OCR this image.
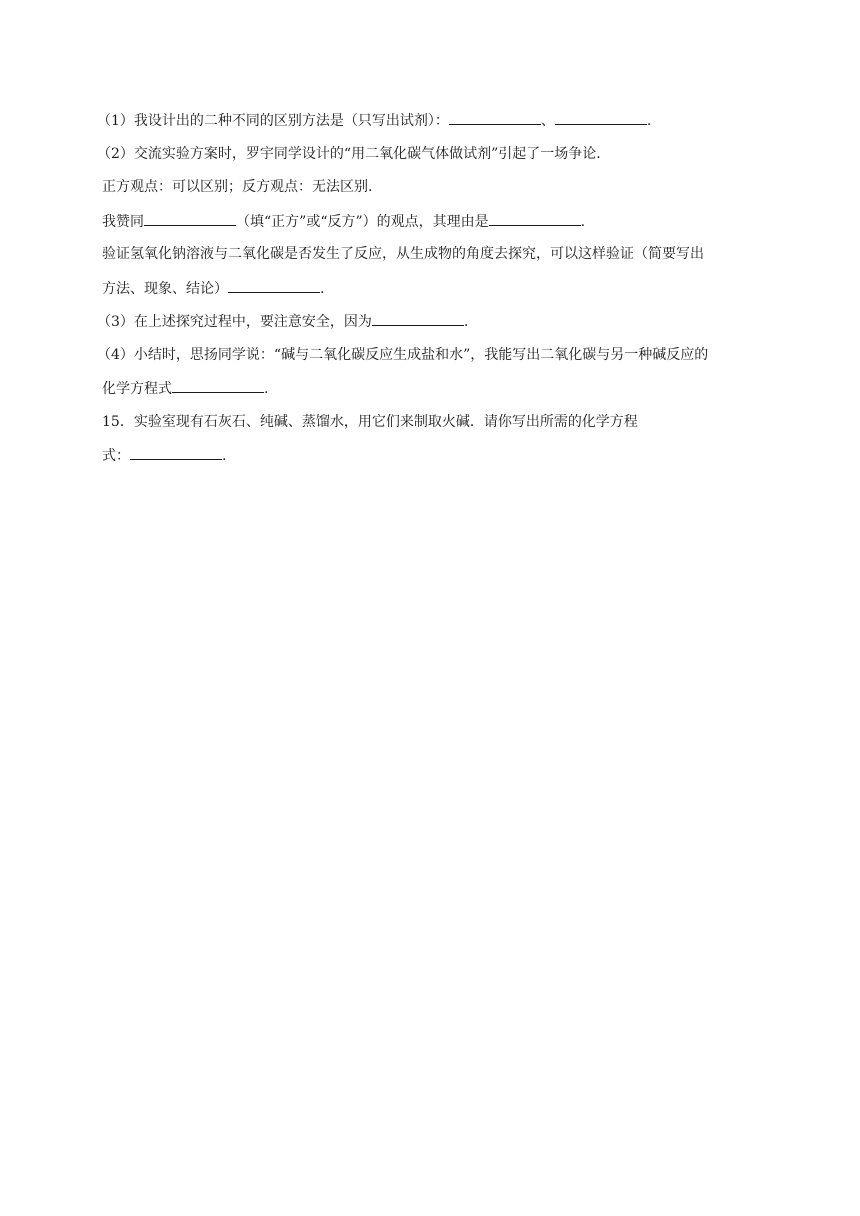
（1）我设计出的二种不同的区别方法是（只写出试剂）：	、	.
（2）交流实验方案时，罗宇同学设计的“用二氧化碳气体做试剂”引起了一场争论.
正方观点：可以区别；反方观点：无法区别.
我赞同	（填“正方”或“反方”）的观点，其理由是	.
验证氢氧化钠溶液与二氧化碳是否发生了反应，从生成物的角度去探究，可以这样验证（简要写出
方法、现象、结论）	.
（3）在上述探究过程中，要注意安全，因为	.
（4）小结时，思扬同学说：“碱与二氧化碳反应生成盐和水”，我能写出二氧化碳与另一种碱反应的
化学方程式	.
15．实验室现有石灰石、纯碱、蒸馏水，用它们来制取火碱．请你写出所需的化学方程
式：	.
